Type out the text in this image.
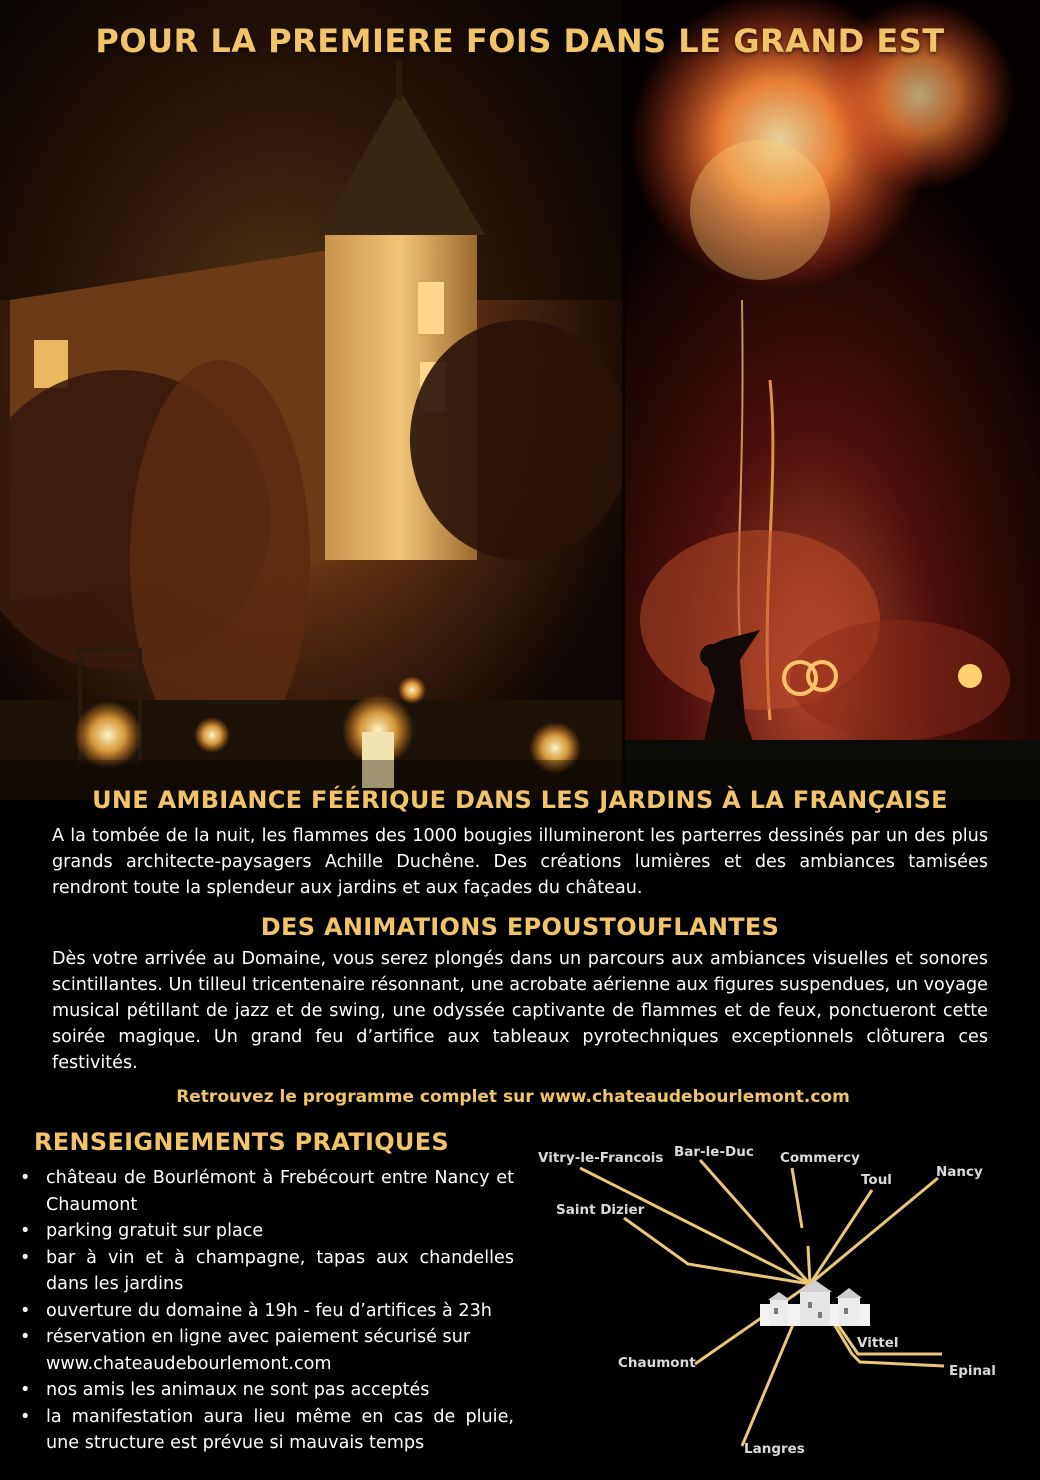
POUR LA PREMIERE FOIS DANS LE GRAND EST
UNE AMBIANCE FÉÉRIQUE DANS LES JARDINS À LA FRANÇAISE
A la tombée de la nuit, les flammes des 1000 bougies illumineront les parterres dessinés par un des plus grands architecte-paysagers Achille Duchêne. Des créations lumières et des ambiances tamisées rendront toute la splendeur aux jardins et aux façades du château.
DES ANIMATIONS EPOUSTOUFLANTES
Dès votre arrivée au Domaine, vous serez plongés dans un parcours aux ambiances visuelles et sonores scintillantes. Un tilleul tricentenaire résonnant, une acrobate aérienne aux figures suspendues, un voyage musical pétillant de jazz et de swing, une odyssée captivante de flammes et de feux, ponctueront cette soirée magique. Un grand feu d’artifice aux tableaux pyrotechniques exceptionnels clôturera ces festivités.
Retrouvez le programme complet sur www.chateaudebourlemont.com
RENSEIGNEMENTS PRATIQUES
• château de Bourlémont à Frebécourt entre Nancy et Chaumont
• parking gratuit sur place
• bar à vin et à champagne, tapas aux chandelles dans les jardins
• ouverture du domaine à 19h - feu d’artifices à 23h
• réservation en ligne avec paiement sécurisé sur www.chateaudebourlemont.com
• nos amis les animaux ne sont pas acceptés
• la manifestation aura lieu même en cas de pluie, une structure est prévue si mauvais temps
Vitry-le-Francois Bar-le-Duc Commercy
Toul	Nancy
Saint Dizier
Vittel
Epinal
Chaumont
Langres
